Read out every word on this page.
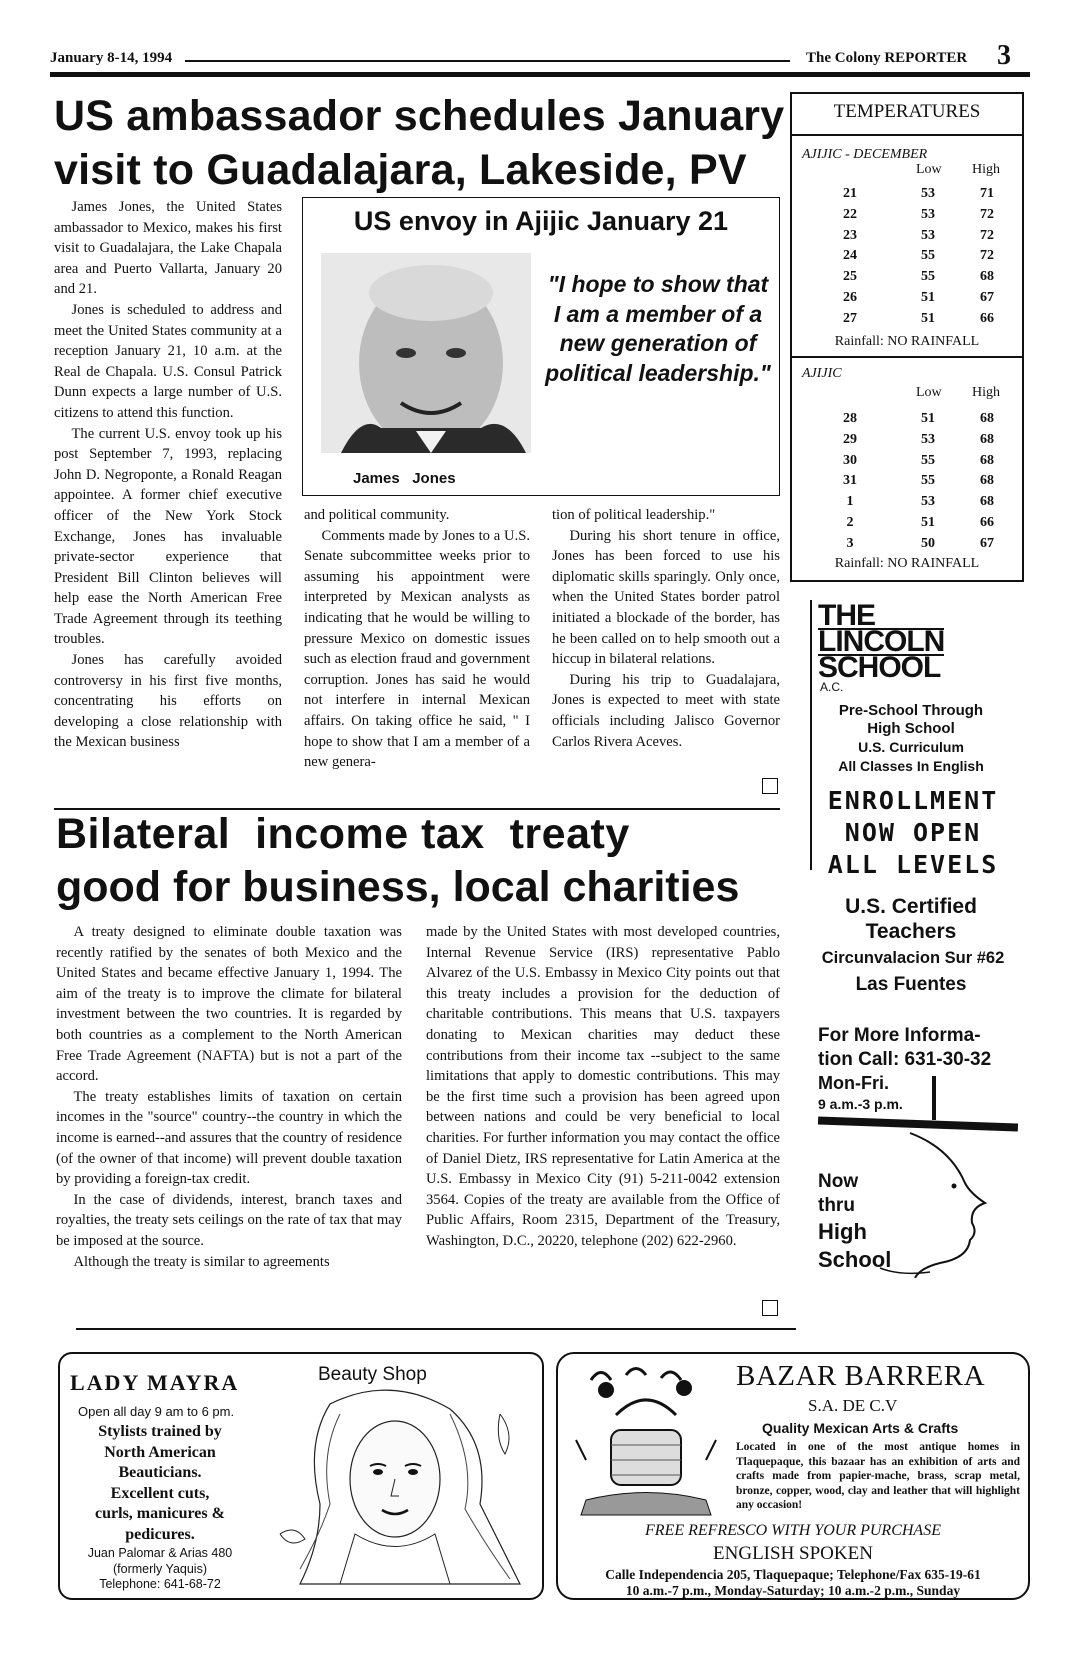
January 8-14, 1994	The Colony REPORTER 3
US ambassador schedules January
visit to Guadalajara, Lakeside, PV

James Jones, the United States ambassador to Mexico, makes his first visit to Guadalajara, the Lake Chapala area and Puerto Vallarta, January 20 and 21.

Jones is scheduled to address and meet the United States community at a reception January 21, 10 a.m. at the Real de Chapala. U.S. Consul Patrick Dunn expects a large number of U.S. citizens to attend this function.

The current U.S. envoy took up his post September 7, 1993, replacing John D. Negroponte, a Ronald Reagan appointee. A former chief executive officer of the New York Stock Exchange, Jones has invaluable private-sector experience that President Bill Clinton believes will help ease the North American Free Trade Agreement through its teething troubles.

Jones has carefully avoided controversy in his first five months, concentrating his efforts on developing a close relationship with the Mexican business

US envoy in Ajijic January 21
James   Jones
"I hope to show that I am a member of a new generation of political leadership."

and political community.

Comments made by Jones to a U.S. Senate subcommittee weeks prior to assuming his appointment were interpreted by Mexican analysts as indicating that he would be willing to pressure Mexico on domestic issues such as election fraud and government corruption. Jones has said he would not interfere in internal Mexican affairs. On taking office he said, " I hope to show that I am a member of a new genera-

tion of political leadership."

During his short tenure in office, Jones has been forced to use his diplomatic skills sparingly. Only once, when the United States border patrol initiated a blockade of the border, has he been called on to help smooth out a hiccup in bilateral relations.

During his trip to Guadalajara, Jones is expected to meet with state officials including Jalisco Governor Carlos Rivera Aceves.

TEMPERATURES
AJIJIC - DECEMBER
Low High
21	53	71
22	53	72
23	53	72
24	55	72
25	55	68
26	51	67
27	51	66
Rainfall: NO RAINFALL
AJIJIC
Low High
28	51	68
29	53	68
30	55	68
31	55	68
1	53	68
2	51	66
3	50	67
Rainfall: NO RAINFALL
THE
LINCOLN
SCHOOL
A.C.
Pre-School Through
High School
U.S. Curriculum
All Classes In English
ENROLLMENT
NOW OPEN
ALL LEVELS
U.S. Certified
Teachers
Circunvalacion Sur #62
Las Fuentes
For More Informa-
tion Call: 631-30-32
Mon-Fri.
9 a.m.-3 p.m.
Now
thru
High
School
Bilateral  income tax  treaty
good for business, local charities

A treaty designed to eliminate double taxation was recently ratified by the senates of both Mexico and the United States and became effective January 1, 1994. The aim of the treaty is to improve the climate for bilateral investment between the two countries. It is regarded by both countries as a complement to the North American Free Trade Agreement (NAFTA) but is not a part of the accord.

The treaty establishes limits of taxation on certain incomes in the "source" country--the country in which the income is earned--and assures that the country of residence (of the owner of that income) will prevent double taxation by providing a foreign-tax credit.

In the case of dividends, interest, branch taxes and royalties, the treaty sets ceilings on the rate of tax that may be imposed at the source.

Although the treaty is similar to agreements

made by the United States with most developed countries, Internal Revenue Service (IRS) representative Pablo Alvarez of the U.S. Embassy in Mexico City points out that this treaty includes a provision for the deduction of charitable contributions. This means that U.S. taxpayers donating to Mexican charities may deduct these contributions from their income tax --subject to the same limitations that apply to domestic contributions. This may be the first time such a provision has been agreed upon between nations and could be very beneficial to local charities. For further information you may contact the office of Daniel Dietz, IRS representative for Latin America at the U.S. Embassy in Mexico City (91) 5-211-0042 extension 3564. Copies of the treaty are available from the Office of Public Affairs, Room 2315, Department of the Treasury, Washington, D.C., 20220, telephone (202) 622-2960.

LADY MAYRA	Beauty Shop
Open all day 9 am to 6 pm.
Stylists trained by
North American
Beauticians.
Excellent cuts,
curls, manicures &
pedicures.
Juan Palomar & Arias 480
(formerly Yaquis)
Telephone: 641-68-72
BAZAR BARRERA
S.A. DE C.V
Quality Mexican Arts & Crafts
Located in one of the most antique homes in Tlaquepaque, this bazaar has an exhibition of arts and crafts made from papier-mache, brass, scrap metal, bronze, copper, wood, clay and leather that will highlight any occasion!
FREE REFRESCO WITH YOUR PURCHASE
ENGLISH SPOKEN
Calle Independencia 205, Tlaquepaque; Telephone/Fax 635-19-61
10 a.m.-7 p.m., Monday-Saturday; 10 a.m.-2 p.m., Sunday
